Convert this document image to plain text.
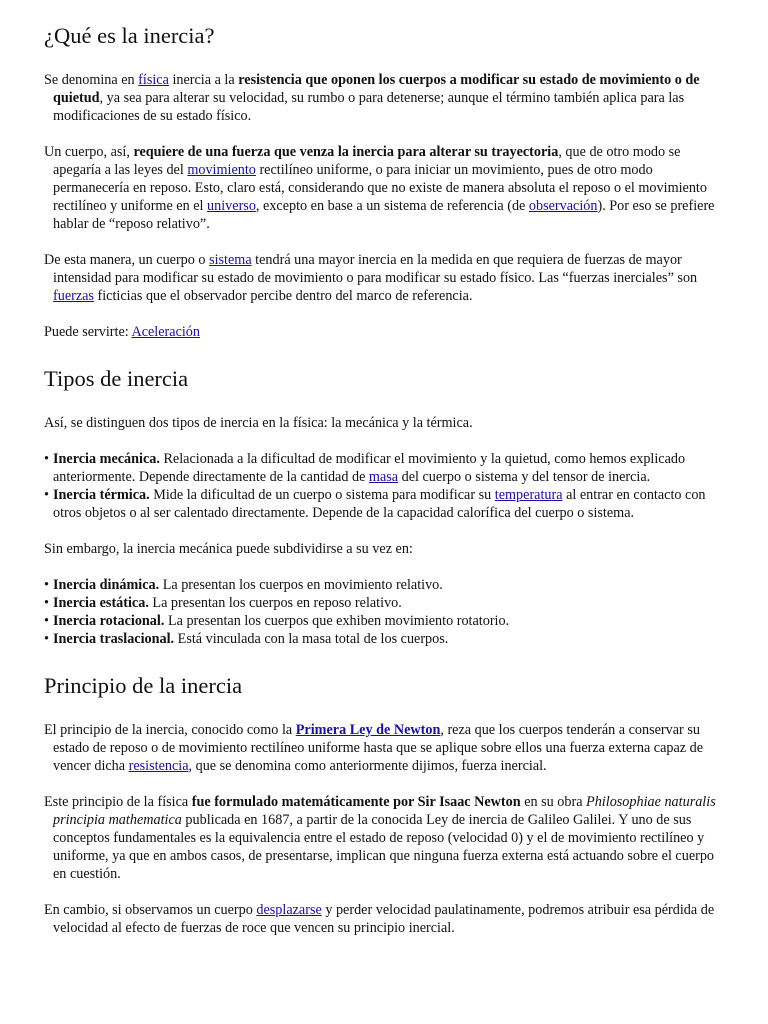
¿Qué es la inercia?

Se denomina en física inercia a la resistencia que oponen los cuerpos a modificar su estado de movimiento o de quietud, ya sea para alterar su velocidad, su rumbo o para detenerse; aunque el término también aplica para las modificaciones de su estado físico.

Un cuerpo, así, requiere de una fuerza que venza la inercia para alterar su trayectoria, que de otro modo se apegaría a las leyes del movimiento rectilíneo uniforme, o para iniciar un movimiento, pues de otro modo permanecería en reposo. Esto, claro está, considerando que no existe de manera absoluta el reposo o el movimiento rectilíneo y uniforme en el universo, excepto en base a un sistema de referencia (de observación). Por eso se prefiere hablar de “reposo relativo”.

De esta manera, un cuerpo o sistema tendrá una mayor inercia en la medida en que requiera de fuerzas de mayor intensidad para modificar su estado de movimiento o para modificar su estado físico. Las “fuerzas inerciales” son fuerzas ficticias que el observador percibe dentro del marco de referencia.

Puede servirte: Aceleración

Tipos de inercia

Así, se distinguen dos tipos de inercia en la física: la mecánica y la térmica.

• Inercia mecánica. Relacionada a la dificultad de modificar el movimiento y la quietud, como hemos explicado anteriormente. Depende directamente de la cantidad de masa del cuerpo o sistema y del tensor de inercia.
• Inercia térmica. Mide la dificultad de un cuerpo o sistema para modificar su temperatura al entrar en contacto con otros objetos o al ser calentado directamente. Depende de la capacidad calorífica del cuerpo o sistema.

Sin embargo, la inercia mecánica puede subdividirse a su vez en:

• Inercia dinámica. La presentan los cuerpos en movimiento relativo.
• Inercia estática. La presentan los cuerpos en reposo relativo.
• Inercia rotacional. La presentan los cuerpos que exhiben movimiento rotatorio.
• Inercia traslacional. Está vinculada con la masa total de los cuerpos.
Principio de la inercia

El principio de la inercia, conocido como la Primera Ley de Newton, reza que los cuerpos tenderán a conservar su estado de reposo o de movimiento rectilíneo uniforme hasta que se aplique sobre ellos una fuerza externa capaz de vencer dicha resistencia, que se denomina como anteriormente dijimos, fuerza inercial.

Este principio de la física fue formulado matemáticamente por Sir Isaac Newton en su obra Philosophiae naturalis principia mathematica publicada en 1687, a partir de la conocida Ley de inercia de Galileo Galilei. Y uno de sus conceptos fundamentales es la equivalencia entre el estado de reposo (velocidad 0) y el de movimiento rectilíneo y uniforme, ya que en ambos casos, de presentarse, implican que ninguna fuerza externa está actuando sobre el cuerpo en cuestión.

En cambio, si observamos un cuerpo desplazarse y perder velocidad paulatinamente, podremos atribuir esa pérdida de velocidad al efecto de fuerzas de roce que vencen su principio inercial.
